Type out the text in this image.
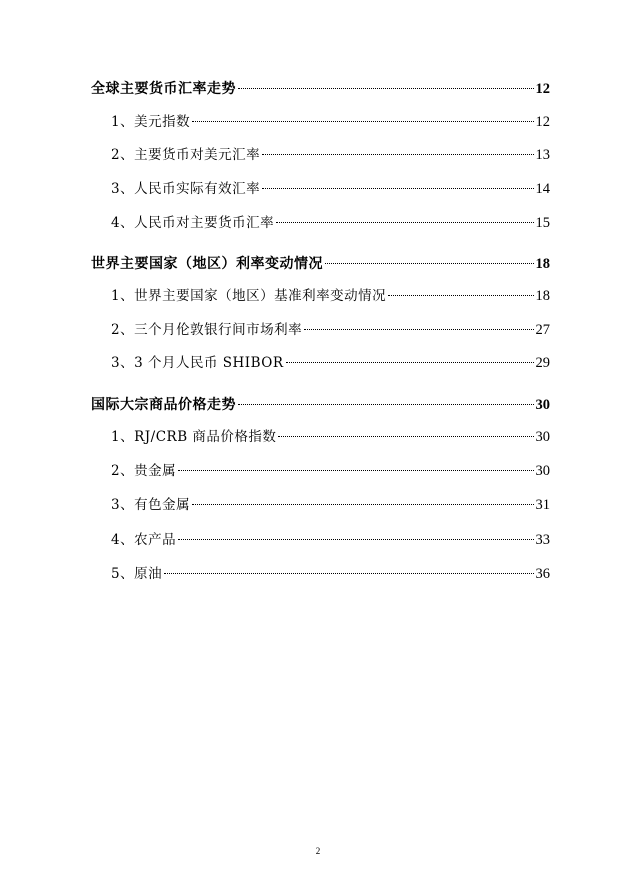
全球主要货币汇率走势	12
1、美元指数	12
2、主要货币对美元汇率	13
3、人民币实际有效汇率	14
4、人民币对主要货币汇率	15
世界主要国家（地区）利率变动情况	18
1、世界主要国家（地区）基准利率变动情况	18
2、三个月伦敦银行间市场利率	27
3、3 个月人民币 SHIBOR	29
国际大宗商品价格走势	30
1、RJ/CRB 商品价格指数	30
2、贵金属	30
3、有色金属	31
4、农产品	33
5、原油	36
2
